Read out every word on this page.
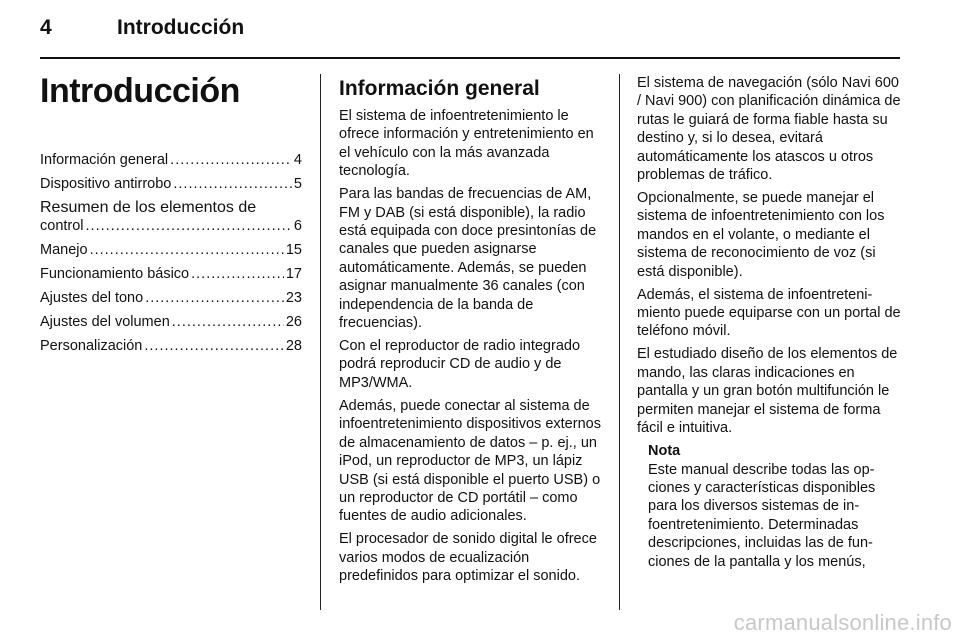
4	Introducción
Introducción
Información general .....	4
Dispositivo antirrobo .....	5
Resumen de los elementos de
control .....	6
Manejo .....	15
Funcionamiento básico .....	17
Ajustes del tono .....	23
Ajustes del volumen .....	26
Personalización .....	28
Información general

El sistema de infoentretenimiento le ofrece información y entretenimiento en el vehículo con la más avanzada tecnología.

Para las bandas de frecuencias de AM, FM y DAB (si está disponible), la radio está equipada con doce presintonías de canales que pueden asignarse automáticamente. Además, se pueden asignar manualmente 36 canales (con independencia de la banda de frecuencias).

Con el reproductor de radio integrado podrá reproducir CD de audio y de MP3/WMA.

Además, puede conectar al sistema de infoentretenimiento dispositivos externos de almacenamiento de datos – p. ej., un iPod, un reproductor de MP3, un lápiz USB (si está disponible el puerto USB) o un reproductor de CD portátil – como fuentes de audio adicionales.

El procesador de sonido digital le ofrece varios modos de ecualización predefinidos para optimizar el sonido.

El sistema de navegación (sólo Navi 600 / Navi 900) con planificación dinámica de rutas le guiará de forma fiable hasta su destino y, si lo desea, evitará automáticamente los atascos u otros problemas de tráfico.

Opcionalmente, se puede manejar el sistema de infoentretenimiento con los mandos en el volante, o mediante el sistema de reconocimiento de voz (si está disponible).

Además, el sistema de infoentretenimiento puede equiparse con un portal de teléfono móvil.

El estudiado diseño de los elementos de mando, las claras indicaciones en pantalla y un gran botón multifunción le permiten manejar el sistema de forma fácil e intuitiva.

Nota

Este manual describe todas las opciones y características disponibles para los diversos sistemas de infoentretenimiento. Determinadas descripciones, incluidas las de funciones de la pantalla y los menús,

carmanualsonline.info
